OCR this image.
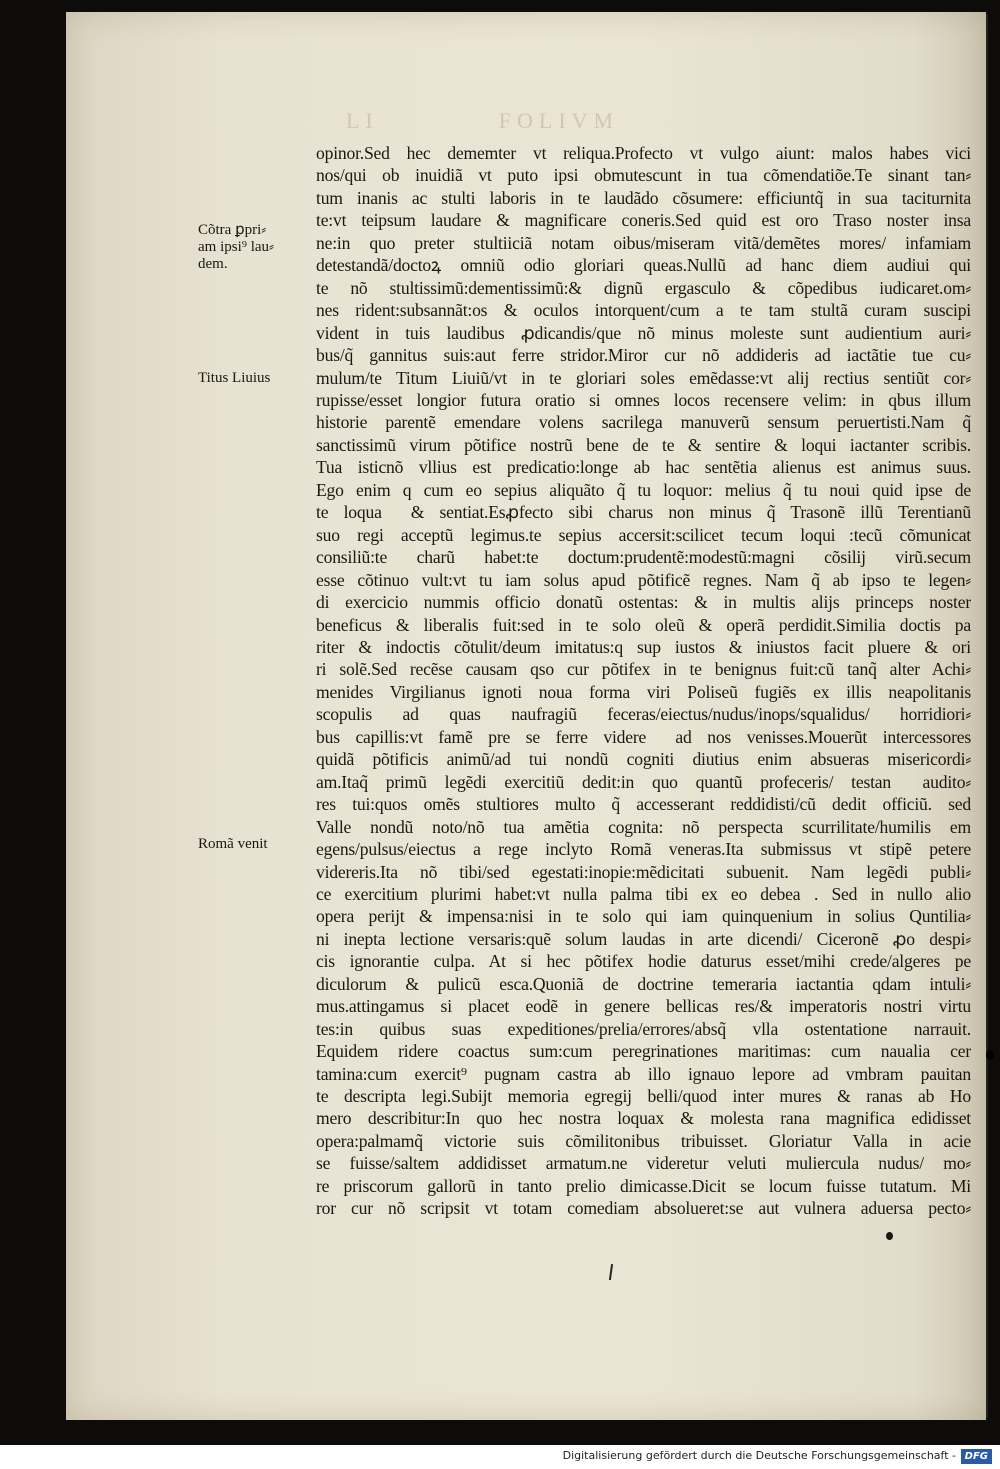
LI	FOLIVM
Cõtra ꝑpri⸗
am ipsi⁹ lau⸗
dem.
Titus Liuius
Romã venit
opinor.Sed hec dememter vt reliqua.Profecto vt vulgo aiunt: malos habes vici
nos/qui ob inuidiã vt puto ipsi obmutescunt in tua cõmendatiõe.Te sinant tan⸗
tum inanis ac stulti laboris in te laudãdo cõsumere: efficiuntq̃ in sua taciturnita
te:vt teipsum laudare & magnificare coneris.Sed quid est oro Traso noster insa
ne:in quo preter stultiiciã notam oibus/miseram vitã/demẽtes mores/ infamiam
detestandã/doctoꝝ omniũ odio gloriari queas.Nullũ ad hanc diem audiui qui
te nõ stultissimũ:dementissimũ:& dignũ ergasculo & cõpedibus iudicaret.om⸗
nes rident:subsannãt:os & oculos intorquent/cum a te tam stultã curam suscipi
vident in tuis laudibus ꝓdicandis/que nõ minus moleste sunt audientium auri⸗
bus/q̃ gannitus suis:aut ferre stridor.Miror cur nõ addideris ad iactãtie tue cu⸗
mulum/te Titum Liuiũ/vt in te gloriari soles emẽdasse:vt alij rectius sentiũt cor⸗
rupisse/esset longior futura oratio si omnes locos recensere velim: in qbus illum
historie parentẽ emendare volens sacrilega manuverũ sensum peruertisti.Nam q̃
sanctissimũ virum põtifice nostrũ bene de te & sentire & loqui iactanter scribis.
Tua isticnõ vllius est predicatio:longe ab hac sentẽtia alienus est animus suus.
Ego enim q cum eo sepius aliquãto q̃ tu loquor: melius q̃ tu noui quid ipse de
te loquaᷓ & sentiat.Esꝓfecto sibi charus non minus q̃ Trasonẽ illũ Terentianũ
suo regi acceptũ legimus.te sepius accersit:scilicet tecum loquiᷓ:tecũ cõmunicat
consiliũ:te charũ habet:te doctum:prudentẽ:modestũ:magni cõsilij virũ.secum
esse cõtinuo vult:vt tu iam solus apud põtificẽ regnes. Nam q̃ ab ipso te legen⸗
di exercicio nummis officio donatũ ostentas: & in multis alijs princeps noster
beneficus & liberalis fuit:sed in te solo oleũ & operã perdidit.Similia doctis pa
riter & indoctis cõtulit/deum imitatus:q sup iustos & iniustos facit pluere & ori
ri solẽ.Sed recẽse causam qso cur põtifex in te benignus fuit:cũ tanq̃ alter Achi⸗
menides Virgilianus ignoti noua forma viri Poliseũ fugiẽs ex illis neapolitanis
scopulis ad quas naufragiũ feceras/eiectus/nudus/inops/squalidus/ horridiori⸗
bus capillis:vt famẽ pre se ferre videreᷓ ad nos venisses.Mouerũt intercessores
quidã põtificis animũ/ad tui nondũ cogniti diutius enim absueras misericordi⸗
am.Itaq̃ primũ legẽdi exercitiũ dedit:in quo quantũ profeceris/ testanᷓ audito⸗
res tui:quos omẽs stultiores multo q̃ accesserant reddidisti/cũ dedit officiũ. sed
Valle nondũ noto/nõ tua amẽtia cognita: nõ perspecta scurrilitate/humilis em
egens/pulsus/eiectus a rege inclyto Romã veneras.Ita submissus vt stipẽ petere
videreris.Ita nõ tibi/sed egestati:inopie:mẽdicitati subuenit. Nam legẽdi publi⸗
ce exercitium plurimi habet:vt nulla palma tibi ex eo debeaᷓ. Sed in nullo alio
opera perijt & impensa:nisi in te solo qui iam quinquenium in solius Quntilia⸗
ni inepta lectione versaris:quẽ solum laudas in arte dicendi/ Ciceronẽ ꝓo despi⸗
cis ignorantie culpa. At si hec põtifex hodie daturus esset/mihi crede/algeres pe
diculorum & pulicũ esca.Quoniã de doctrine temeraria iactantia qdam intuli⸗
mus.attingamus si placet eodẽ in genere bellicas res/& imperatoris nostri virtu
tes:in quibus suas expeditiones/prelia/errores/absq̃ vlla ostentatione narrauit.
Equidem ridere coactus sum:cum peregrinationes maritimas: cum naualia cer
tamina:cum exercit⁹ pugnam castra ab illo ignauo lepore ad vmbram pauitan
te descripta legi.Subijt memoria egregij belli/quod inter mures & ranas ab Ho
mero describitur:In quo hec nostra loquax & molesta rana magnifica edidisset
opera:palmamq̃ victorie suis cõmilitonibus tribuisset. Gloriatur Valla in acie
se fuisse/saltem addidisset armatum.ne videretur veluti muliercula nudus/ mo⸗
re priscorum gallorũ in tanto prelio dimicasse.Dicit se locum fuisse tutatum. Mi
ror cur nõ scripsit vt totam comediam absolueret:se aut vulnera aduersa pecto⸗
Digitalisierung gefördert durch die Deutsche Forschungsgemeinschaft - DFG
